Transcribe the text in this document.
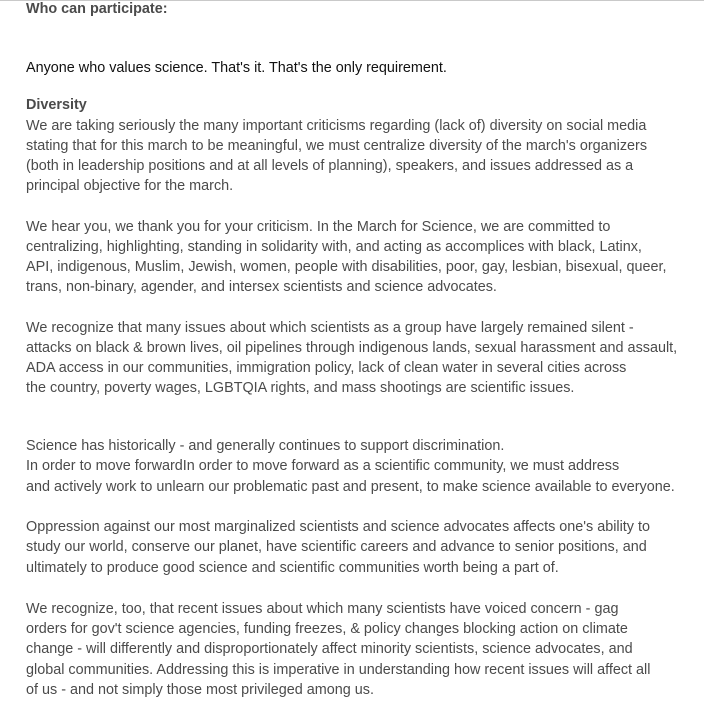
Who can participate:
Anyone who values science. That's it. That's the only requirement.
Diversity
We are taking seriously the many important criticisms regarding (lack of) diversity on social media
stating that for this march to be meaningful, we must centralize diversity of the march's organizers
(both in leadership positions and at all levels of planning), speakers, and issues addressed as a
principal objective for the march.
We hear you, we thank you for your criticism. In the March for Science, we are committed to
centralizing, highlighting, standing in solidarity with, and acting as accomplices with black, Latinx,
API, indigenous, Muslim, Jewish, women, people with disabilities, poor, gay, lesbian, bisexual, queer,
trans, non-binary, agender, and intersex scientists and science advocates.
We recognize that many issues about which scientists as a group have largely remained silent -
attacks on black & brown lives, oil pipelines through indigenous lands, sexual harassment and assault,
ADA access in our communities, immigration policy, lack of clean water in several cities across
the country, poverty wages, LGBTQIA rights, and mass shootings are scientific issues.
Science has historically - and generally continues to support discrimination.
In order to move forwardIn order to move forward as a scientific community, we must address
and actively work to unlearn our problematic past and present, to make science available to everyone.
Oppression against our most marginalized scientists and science advocates affects one's ability to
study our world, conserve our planet, have scientific careers and advance to senior positions, and
ultimately to produce good science and scientific communities worth being a part of.
We recognize, too, that recent issues about which many scientists have voiced concern - gag
orders for gov't science agencies, funding freezes, & policy changes blocking action on climate
change - will differently and disproportionately affect minority scientists, science advocates, and
global communities. Addressing this is imperative in understanding how recent issues will affect all
of us - and not simply those most privileged among us.
